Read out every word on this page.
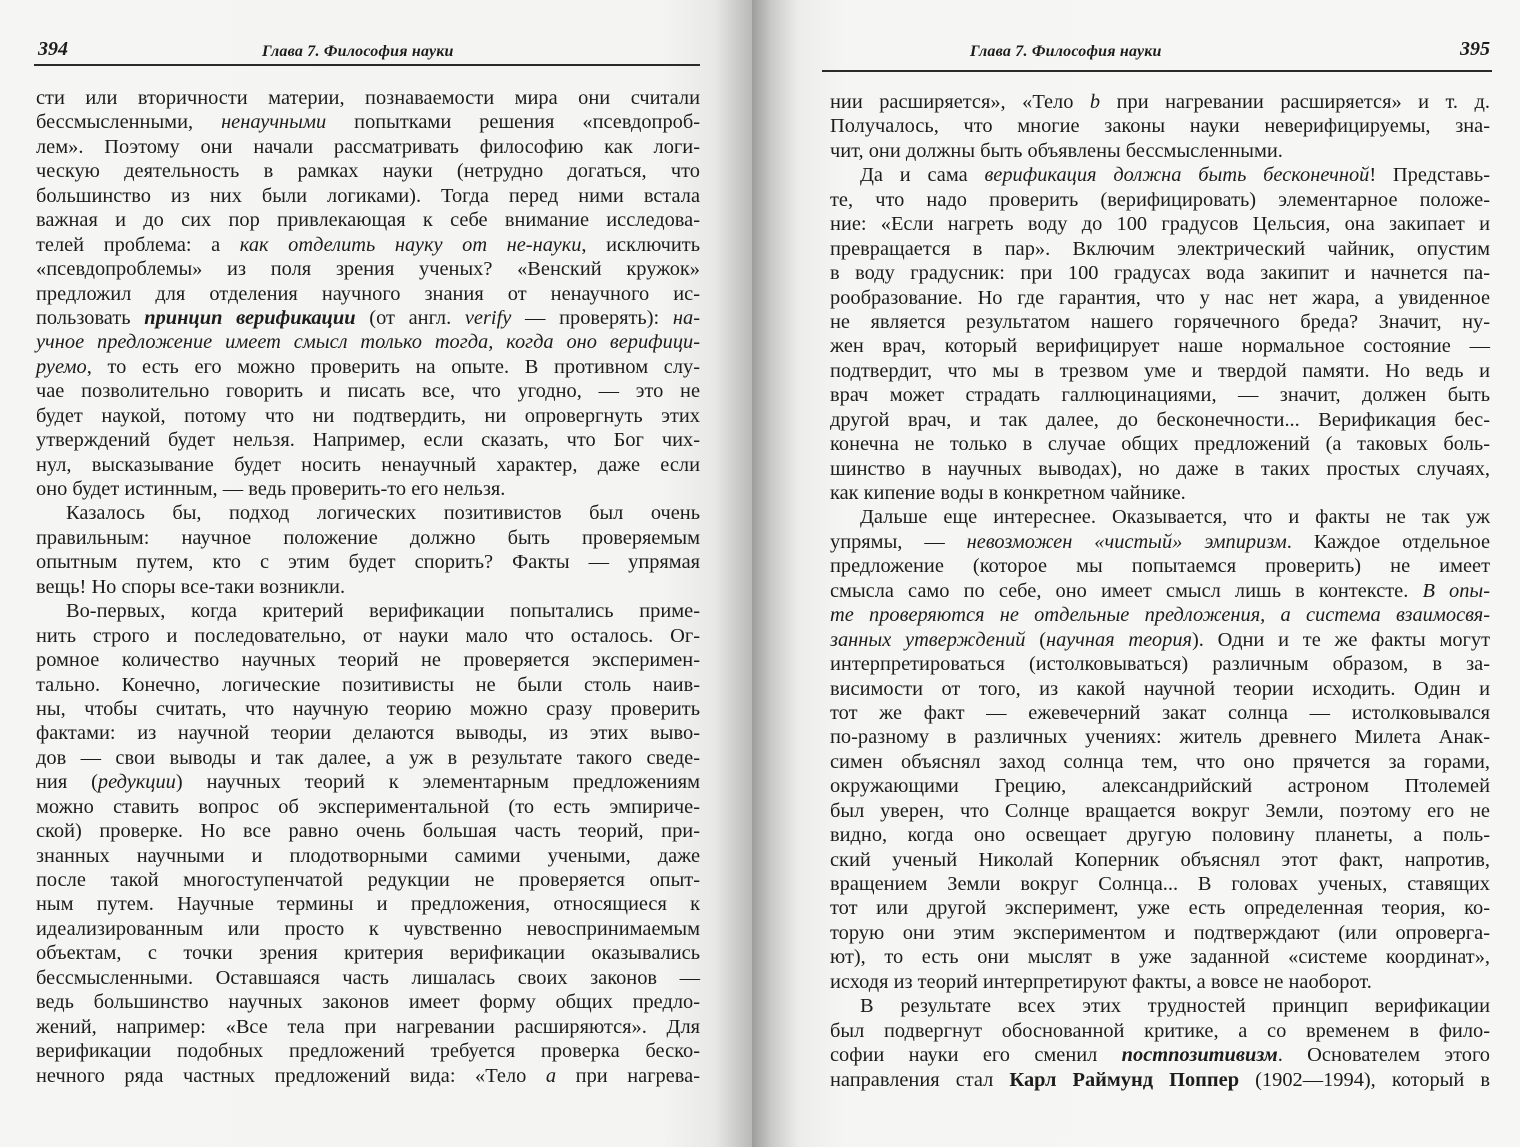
394	Глава 7. Философия науки
сти или вторичности материи, познаваемости мира они считали
бессмысленными, ненаучными попытками решения «псевдопроб-
лем». Поэтому они начали рассматривать философию как логи-
ческую деятельность в рамках науки (нетрудно догаться, что
большинство из них были логиками). Тогда перед ними встала
важная и до сих пор привлекающая к себе внимание исследова-
телей проблема: а как отделить науку от не-науки, исключить
«псевдопроблемы» из поля зрения ученых? «Венский кружок»
предложил для отделения научного знания от ненаучного ис-
пользовать принцип верификации (от англ. verify — проверять): на-
учное предложение имеет смысл только тогда, когда оно верифици-
руемо, то есть его можно проверить на опыте. В противном слу-
чае позволительно говорить и писать все, что угодно, — это не
будет наукой, потому что ни подтвердить, ни опровергнуть этих
утверждений будет нельзя. Например, если сказать, что Бог чих-
нул, высказывание будет носить ненаучный характер, даже если
оно будет истинным, — ведь проверить-то его нельзя.
Казалось бы, подход логических позитивистов был очень
правильным: научное положение должно быть проверяемым
опытным путем, кто с этим будет спорить? Факты — упрямая
вещь! Но споры все-таки возникли.
Во-первых, когда критерий верификации попытались приме-
нить строго и последовательно, от науки мало что осталось. Ог-
ромное количество научных теорий не проверяется эксперимен-
тально. Конечно, логические позитивисты не были столь наив-
ны, чтобы считать, что научную теорию можно сразу проверить
фактами: из научной теории делаются выводы, из этих выво-
дов — свои выводы и так далее, а уж в результате такого сведе-
ния (редукции) научных теорий к элементарным предложениям
можно ставить вопрос об экспериментальной (то есть эмпириче-
ской) проверке. Но все равно очень большая часть теорий, при-
знанных научными и плодотворными самими учеными, даже
после такой многоступенчатой редукции не проверяется опыт-
ным путем. Научные термины и предложения, относящиеся к
идеализированным или просто к чувственно невоспринимаемым
объектам, с точки зрения критерия верификации оказывались
бессмысленными. Оставшаяся часть лишалась своих законов —
ведь большинство научных законов имеет форму общих предло-
жений, например: «Все тела при нагревании расширяются». Для
верификации подобных предложений требуется проверка беско-
нечного ряда частных предложений вида: «Тело а при нагрева-
Глава 7. Философия науки	395
нии расширяется», «Тело b при нагревании расширяется» и т. д.
Получалось, что многие законы науки неверифицируемы, зна-
чит, они должны быть объявлены бессмысленными.
Да и сама верификация должна быть бесконечной! Представь-
те, что надо проверить (верифицировать) элементарное положе-
ние: «Если нагреть воду до 100 градусов Цельсия, она закипает и
превращается в пар». Включим электрический чайник, опустим
в воду градусник: при 100 градусах вода закипит и начнется па-
рообразование. Но где гарантия, что у нас нет жара, а увиденное
не является результатом нашего горячечного бреда? Значит, ну-
жен врач, который верифицирует наше нормальное состояние —
подтвердит, что мы в трезвом уме и твердой памяти. Но ведь и
врач может страдать галлюцинациями, — значит, должен быть
другой врач, и так далее, до бесконечности... Верификация бес-
конечна не только в случае общих предложений (а таковых боль-
шинство в научных выводах), но даже в таких простых случаях,
как кипение воды в конкретном чайнике.
Дальше еще интереснее. Оказывается, что и факты не так уж
упрямы, — невозможен «чистый» эмпиризм. Каждое отдельное
предложение (которое мы попытаемся проверить) не имеет
смысла само по себе, оно имеет смысл лишь в контексте. В опы-
те проверяются не отдельные предложения, а система взаимосвя-
занных утверждений (научная теория). Одни и те же факты могут
интерпретироваться (истолковываться) различным образом, в за-
висимости от того, из какой научной теории исходить. Один и
тот же факт — ежевечерний закат солнца — истолковывался
по-разному в различных учениях: житель древнего Милета Анак-
симен объяснял заход солнца тем, что оно прячется за горами,
окружающими Грецию, александрийский астроном Птолемей
был уверен, что Солнце вращается вокруг Земли, поэтому его не
видно, когда оно освещает другую половину планеты, а поль-
ский ученый Николай Коперник объяснял этот факт, напротив,
вращением Земли вокруг Солнца... В головах ученых, ставящих
тот или другой эксперимент, уже есть определенная теория, ко-
торую они этим экспериментом и подтверждают (или опроверга-
ют), то есть они мыслят в уже заданной «системе координат»,
исходя из теорий интерпретируют факты, а вовсе не наоборот.
В результате всех этих трудностей принцип верификации
был подвергнут обоснованной критике, а со временем в фило-
софии науки его сменил постпозитивизм. Основателем этого
направления стал Карл Раймунд Поппер (1902—1994), который в
